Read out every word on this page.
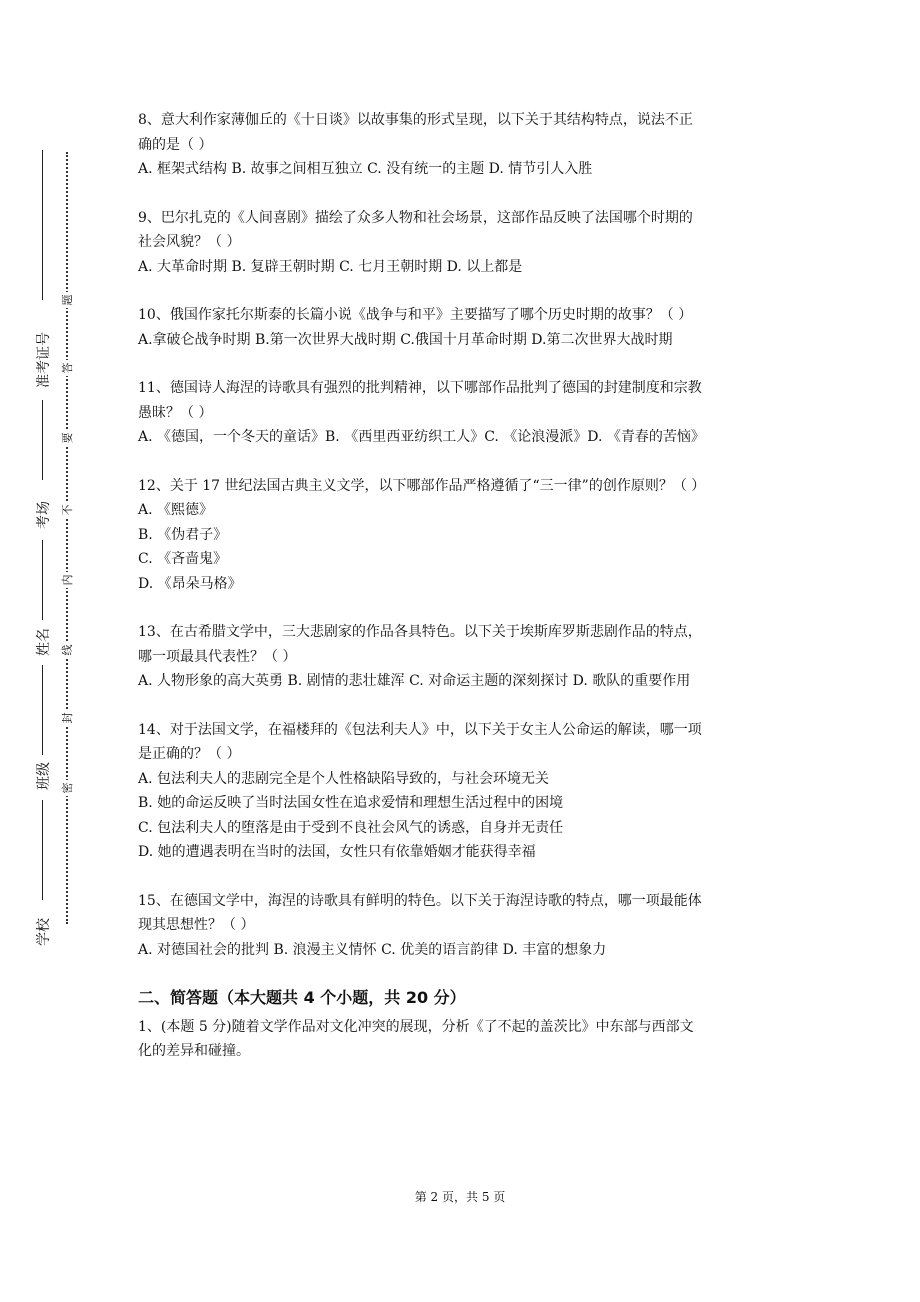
准考证号
考场
姓名
班级
学校
题
答
要
不
内
线
封
密
8、意大利作家薄伽丘的《十日谈》以故事集的形式呈现，以下关于其结构特点，说法不正
确的是（ ）
A. 框架式结构 B. 故事之间相互独立 C. 没有统一的主题 D. 情节引人入胜
9、巴尔扎克的《人间喜剧》描绘了众多人物和社会场景，这部作品反映了法国哪个时期的
社会风貌？（ ）
A. 大革命时期 B. 复辟王朝时期 C. 七月王朝时期 D. 以上都是
10、俄国作家托尔斯泰的长篇小说《战争与和平》主要描写了哪个历史时期的故事？（ ）
A.拿破仑战争时期 B.第一次世界大战时期 C.俄国十月革命时期 D.第二次世界大战时期
11、德国诗人海涅的诗歌具有强烈的批判精神，以下哪部作品批判了德国的封建制度和宗教
愚昧？（ ）
A. 《德国，一个冬天的童话》B. 《西里西亚纺织工人》C. 《论浪漫派》D. 《青春的苦恼》
12、关于 17 世纪法国古典主义文学，以下哪部作品严格遵循了“三一律”的创作原则？（ ）
A. 《熙德》
B. 《伪君子》
C. 《吝啬鬼》
D. 《昂朵马格》
13、在古希腊文学中，三大悲剧家的作品各具特色。以下关于埃斯库罗斯悲剧作品的特点，
哪一项最具代表性？（ ）
A. 人物形象的高大英勇 B. 剧情的悲壮雄浑 C. 对命运主题的深刻探讨 D. 歌队的重要作用
14、对于法国文学，在福楼拜的《包法利夫人》中，以下关于女主人公命运的解读，哪一项
是正确的？（ ）
A. 包法利夫人的悲剧完全是个人性格缺陷导致的，与社会环境无关
B. 她的命运反映了当时法国女性在追求爱情和理想生活过程中的困境
C. 包法利夫人的堕落是由于受到不良社会风气的诱惑，自身并无责任
D. 她的遭遇表明在当时的法国，女性只有依靠婚姻才能获得幸福
15、在德国文学中，海涅的诗歌具有鲜明的特色。以下关于海涅诗歌的特点，哪一项最能体
现其思想性？（ ）
A. 对德国社会的批判 B. 浪漫主义情怀 C. 优美的语言韵律 D. 丰富的想象力
二、简答题（本大题共 4 个小题，共 20 分）
1、(本题 5 分)随着文学作品对文化冲突的展现，分析《了不起的盖茨比》中东部与西部文
化的差异和碰撞。
第 2 页，共 5 页
